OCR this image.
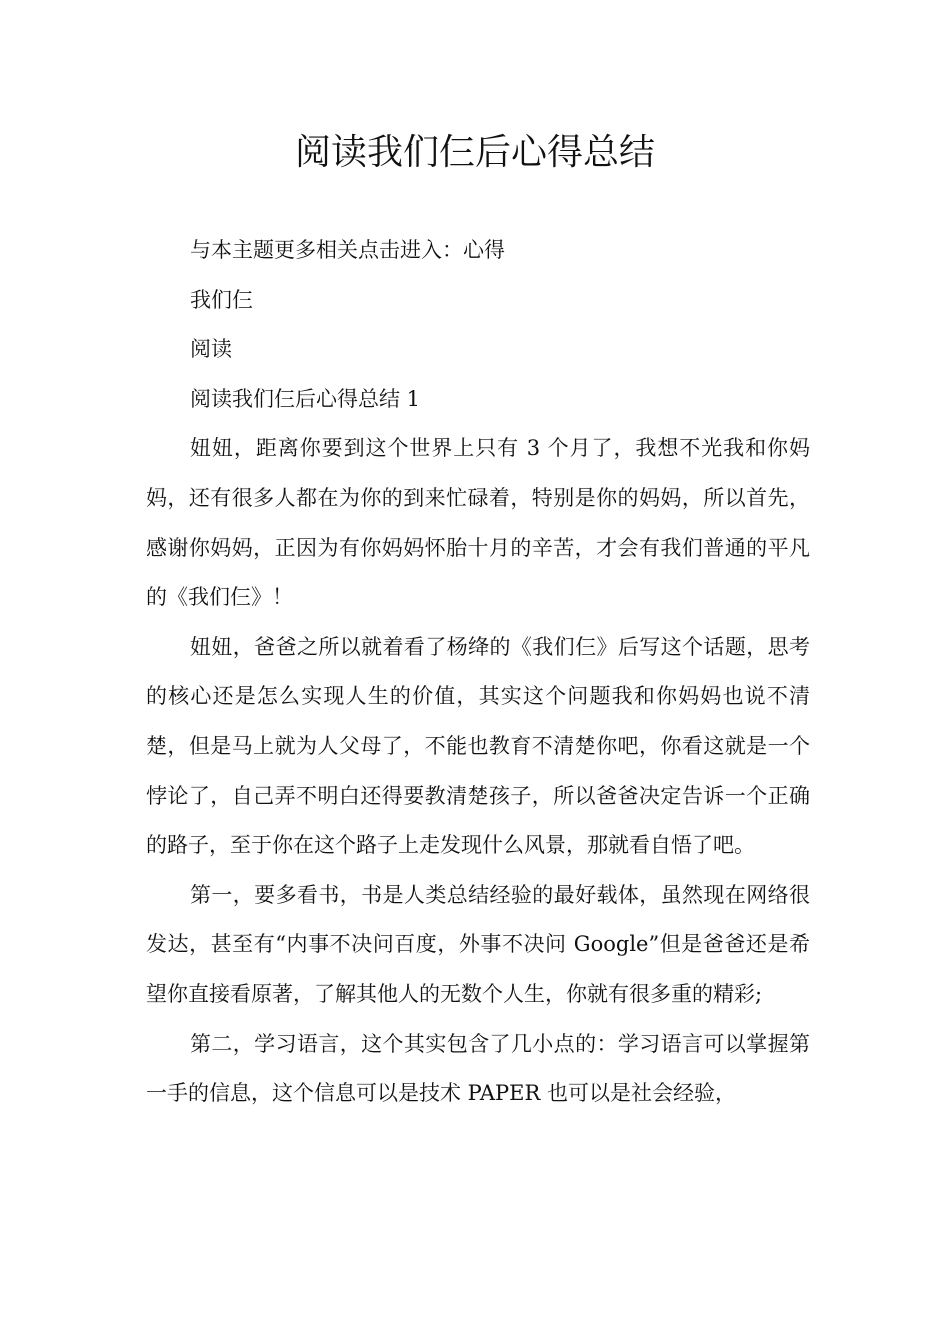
阅读我们仨后心得总结

与本主题更多相关点击进入：心得

我们仨

阅读

阅读我们仨后心得总结 1

妞妞，距离你要到这个世界上只有 3 个月了，我想不光我和你妈妈，还有很多人都在为你的到来忙碌着，特别是你的妈妈，所以首先，感谢你妈妈，正因为有你妈妈怀胎十月的辛苦，才会有我们普通的平凡的《我们仨》！

妞妞，爸爸之所以就着看了杨绛的《我们仨》后写这个话题，思考的核心还是怎么实现人生的价值，其实这个问题我和你妈妈也说不清楚，但是马上就为人父母了，不能也教育不清楚你吧，你看这就是一个悖论了，自己弄不明白还得要教清楚孩子，所以爸爸决定告诉一个正确的路子，至于你在这个路子上走发现什么风景，那就看自悟了吧。

第一，要多看书，书是人类总结经验的最好载体，虽然现在网络很发达，甚至有“内事不决问百度，外事不决问 Google”但是爸爸还是希望你直接看原著，了解其他人的无数个人生，你就有很多重的精彩;

第二，学习语言，这个其实包含了几小点的：学习语言可以掌握第一手的信息，这个信息可以是技术 PAPER 也可以是社会经验，
